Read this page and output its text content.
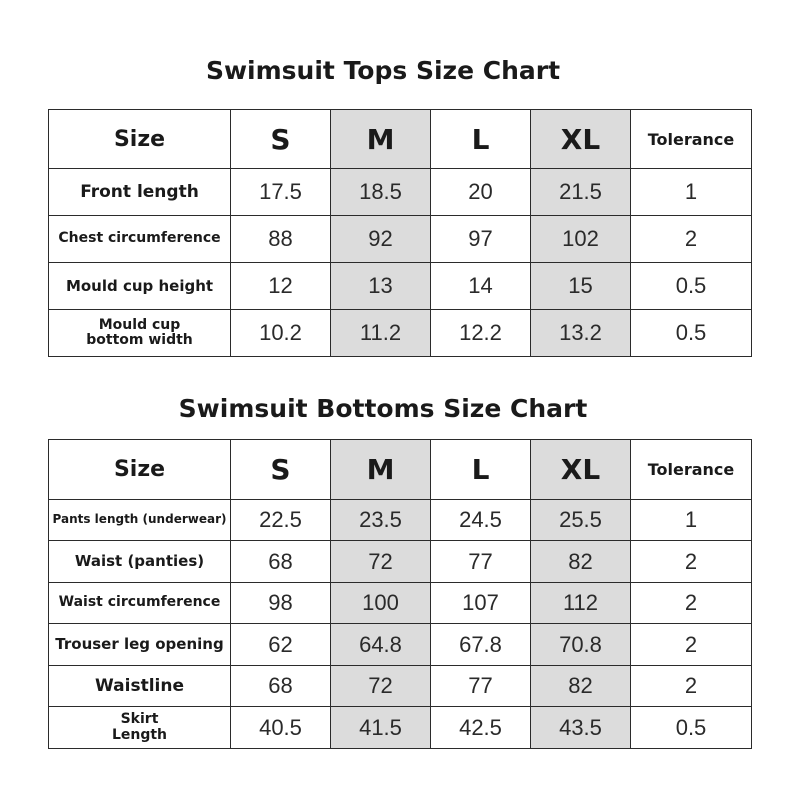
Swimsuit Tops Size Chart
Size	S	M	L	XL	Tolerance
Front length	17.5	18.5	20	21.5	1
Chest circumference	88	92	97	102	2
Mould cup height	12	13	14	15	0.5

Mould cup
bottom width	10.2	11.2	12.2	13.2	0.5
Swimsuit Bottoms Size Chart
Size	S	M	L	XL	Tolerance
Pants length (underwear)	22.5	23.5	24.5	25.5	1
Waist (panties)	68	72	77	82	2
Waist circumference	98	100	107	112	2
Trouser leg opening	62	64.8	67.8	70.8	2
Waistline	68	72	77	82	2

Skirt
Length	40.5	41.5	42.5	43.5	0.5
